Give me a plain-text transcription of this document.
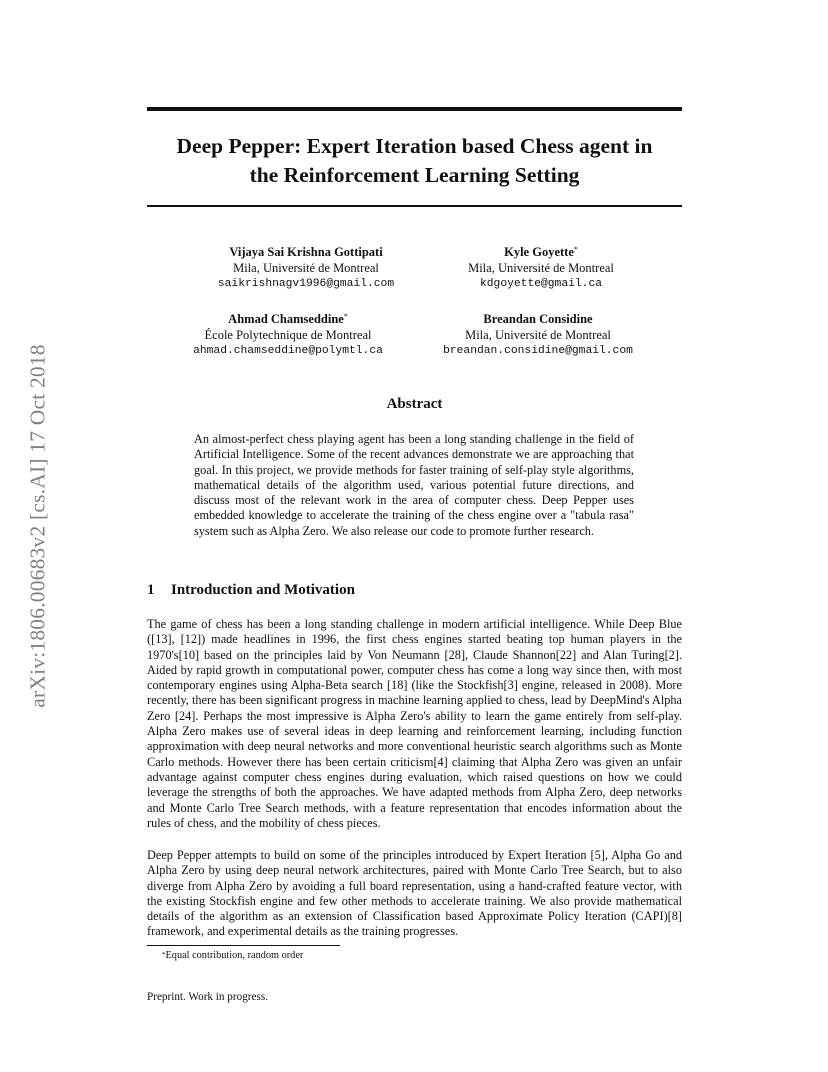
Deep Pepper: Expert Iteration based Chess agent in
the Reinforcement Learning Setting
arXiv:1806.00683v2 [cs.AI] 17 Oct 2018
Vijaya Sai Krishna Gottipati
Mila, Université de Montreal
saikrishnagv1996@gmail.com
Kyle Goyette*
Mila, Université de Montreal
kdgoyette@gmail.ca
Ahmad Chamseddine*
École Polytechnique de Montreal
ahmad.chamseddine@polymtl.ca
Breandan Considine
Mila, Université de Montreal
breandan.considine@gmail.com
Abstract
An almost-perfect chess playing agent has been a long standing challenge in the field of Artificial Intelligence. Some of the recent advances demonstrate we are approaching that goal. In this project, we provide methods for faster training of self-play style algorithms, mathematical details of the algorithm used, various potential future directions, and discuss most of the relevant work in the area of computer chess. Deep Pepper uses embedded knowledge to accelerate the training of the chess engine over a "tabula rasa" system such as Alpha Zero. We also release our code to promote further research.
1 Introduction and Motivation
The game of chess has been a long standing challenge in modern artificial intelligence. While Deep Blue ([13], [12]) made headlines in 1996, the first chess engines started beating top human players in the 1970's[10] based on the principles laid by Von Neumann [28], Claude Shannon[22] and Alan Turing[2]. Aided by rapid growth in computational power, computer chess has come a long way since then, with most contemporary engines using Alpha-Beta search [18] (like the Stockfish[3] engine, released in 2008). More recently, there has been significant progress in machine learning applied to chess, lead by DeepMind's Alpha Zero [24]. Perhaps the most impressive is Alpha Zero's ability to learn the game entirely from self-play. Alpha Zero makes use of several ideas in deep learning and reinforcement learning, including function approximation with deep neural networks and more conventional heuristic search algorithms such as Monte Carlo methods. However there has been certain criticism[4] claiming that Alpha Zero was given an unfair advantage against computer chess engines during evaluation, which raised questions on how we could leverage the strengths of both the approaches. We have adapted methods from Alpha Zero, deep networks and Monte Carlo Tree Search methods, with a feature representation that encodes information about the rules of chess, and the mobility of chess pieces.
Deep Pepper attempts to build on some of the principles introduced by Expert Iteration [5], Alpha Go and Alpha Zero by using deep neural network architectures, paired with Monte Carlo Tree Search, but to also diverge from Alpha Zero by avoiding a full board representation, using a hand-crafted feature vector, with the existing Stockfish engine and few other methods to accelerate training. We also provide mathematical details of the algorithm as an extension of Classification based Approximate Policy Iteration (CAPI)[8] framework, and experimental details as the training progresses.
*Equal contribution, random order
Preprint. Work in progress.
